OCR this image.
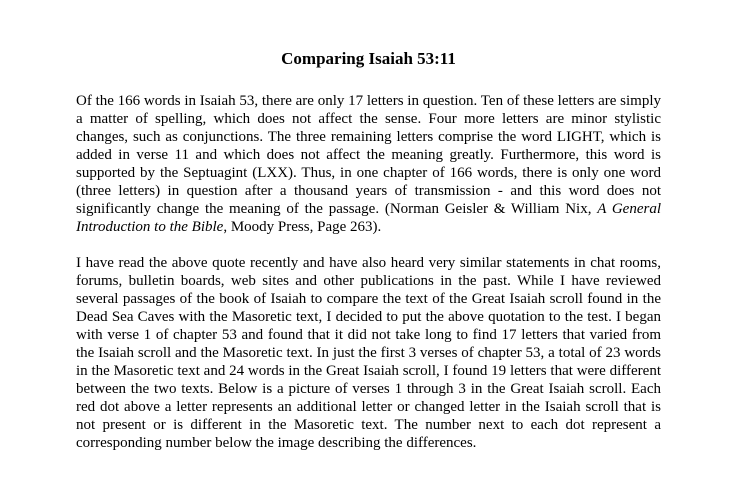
Comparing Isaiah 53:11

Of the 166 words in Isaiah 53, there are only 17 letters in question. Ten of these letters are simply a matter of spelling, which does not affect the sense. Four more letters are minor stylistic changes, such as conjunctions. The three remaining letters comprise the word LIGHT, which is added in verse 11 and which does not affect the meaning greatly. Furthermore, this word is supported by the Septuagint (LXX). Thus, in one chapter of 166 words, there is only one word (three letters) in question after a thousand years of transmission - and this word does not significantly change the meaning of the passage. (Norman Geisler & William Nix, A General Introduction to the Bible, Moody Press, Page 263).

I have read the above quote recently and have also heard very similar statements in chat rooms, forums, bulletin boards, web sites and other publications in the past. While I have reviewed several passages of the book of Isaiah to compare the text of the Great Isaiah scroll found in the Dead Sea Caves with the Masoretic text, I decided to put the above quotation to the test. I began with verse 1 of chapter 53 and found that it did not take long to find 17 letters that varied from the Isaiah scroll and the Masoretic text. In just the first 3 verses of chapter 53, a total of 23 words in the Masoretic text and 24 words in the Great Isaiah scroll, I found 19 letters that were different between the two texts. Below is a picture of verses 1 through 3 in the Great Isaiah scroll. Each red dot above a letter represents an additional letter or changed letter in the Isaiah scroll that is not present or is different in the Masoretic text. The number next to each dot represent a corresponding number below the image describing the differences.
